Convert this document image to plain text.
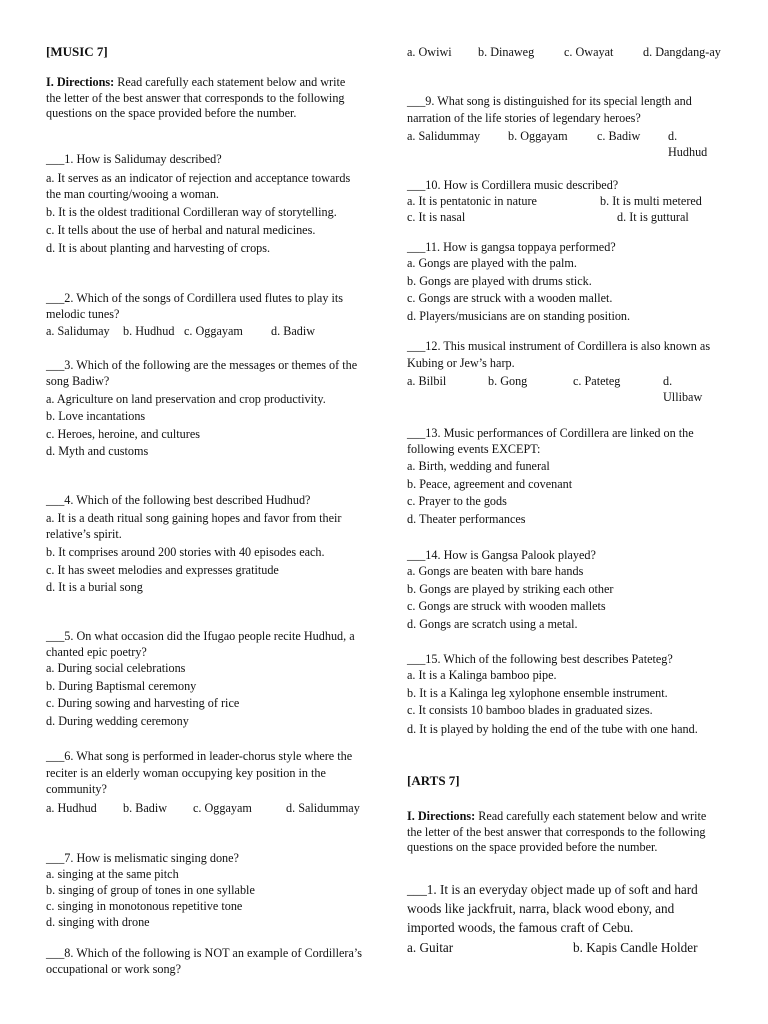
[MUSIC 7]
I. Directions: Read carefully each statement below and write the letter of the best answer that corresponds to the following questions on the space provided before the number.
___1. How is Salidumay described?
a. It serves as an indicator of rejection and acceptance towards the man courting/wooing a woman.
b. It is the oldest traditional Cordilleran way of storytelling.
c. It tells about the use of herbal and natural medicines.
d. It is about planting and harvesting of crops.
___2. Which of the songs of Cordillera used flutes to play its melodic tunes?
a. Salidumay	b. Hudhud c. Oggayam	d. Badiw
___3. Which of the following are the messages or themes of the song Badiw?
a. Agriculture on land preservation and crop productivity.
b. Love incantations
c. Heroes, heroine, and cultures
d. Myth and customs
___4. Which of the following best described Hudhud?
a. It is a death ritual song gaining hopes and favor from their relative’s spirit.
b. It comprises around 200 stories with 40 episodes each.
c. It has sweet melodies and expresses gratitude
d. It is a burial song
___5. On what occasion did the Ifugao people recite Hudhud, a chanted epic poetry?
a. During social celebrations
b. During Baptismal ceremony
c. During sowing and harvesting of rice
d. During wedding ceremony
___6. What song is performed in leader-chorus style where the reciter is an elderly woman occupying key position in the community?
a. Hudhud	b. Badiw	c. Oggayam	d. Salidummay
___7. How is melismatic singing done?
a. singing at the same pitch
b. singing of group of tones in one syllable
c. singing in monotonous repetitive tone
d. singing with drone
___8. Which of the following is NOT an example of Cordillera’s occupational or work song?
a. Owiwi	b. Dinaweg	c. Owayat	d. Dangdang-ay
___9. What song is distinguished for its special length and narration of the life stories of legendary heroes?
a. Salidummay	b. Oggayam	c. Badiw	d. Hudhud
___10. How is Cordillera music described?
a. It is pentatonic in nature	b. It is multi metered
c. It is nasal	d. It is guttural
___11. How is gangsa toppaya performed?
a. Gongs are played with the palm.
b. Gongs are played with drums stick.
c. Gongs are struck with a wooden mallet.
d. Players/musicians are on standing position.
___12. This musical instrument of Cordillera is also known as Kubing or Jew’s harp.
a. Bilbil	b. Gong	c. Pateteg	d. Ullibaw
___13. Music performances of Cordillera are linked on the following events EXCEPT:
a. Birth, wedding and funeral
b. Peace, agreement and covenant
c. Prayer to the gods
d. Theater performances
___14. How is Gangsa Palook played?
a. Gongs are beaten with bare hands
b. Gongs are played by striking each other
c. Gongs are struck with wooden mallets
d. Gongs are scratch using a metal.
___15. Which of the following best describes Pateteg?
a. It is a Kalinga bamboo pipe.
b. It is a Kalinga leg xylophone ensemble instrument.
c. It consists 10 bamboo blades in graduated sizes.
d. It is played by holding the end of the tube with one hand.
[ARTS 7]
I. Directions: Read carefully each statement below and write the letter of the best answer that corresponds to the following questions on the space provided before the number.
___1. It is an everyday object made up of soft and hard woods like jackfruit, narra, black wood ebony, and imported woods, the famous craft of Cebu.
a. Guitar	b. Kapis Candle Holder
